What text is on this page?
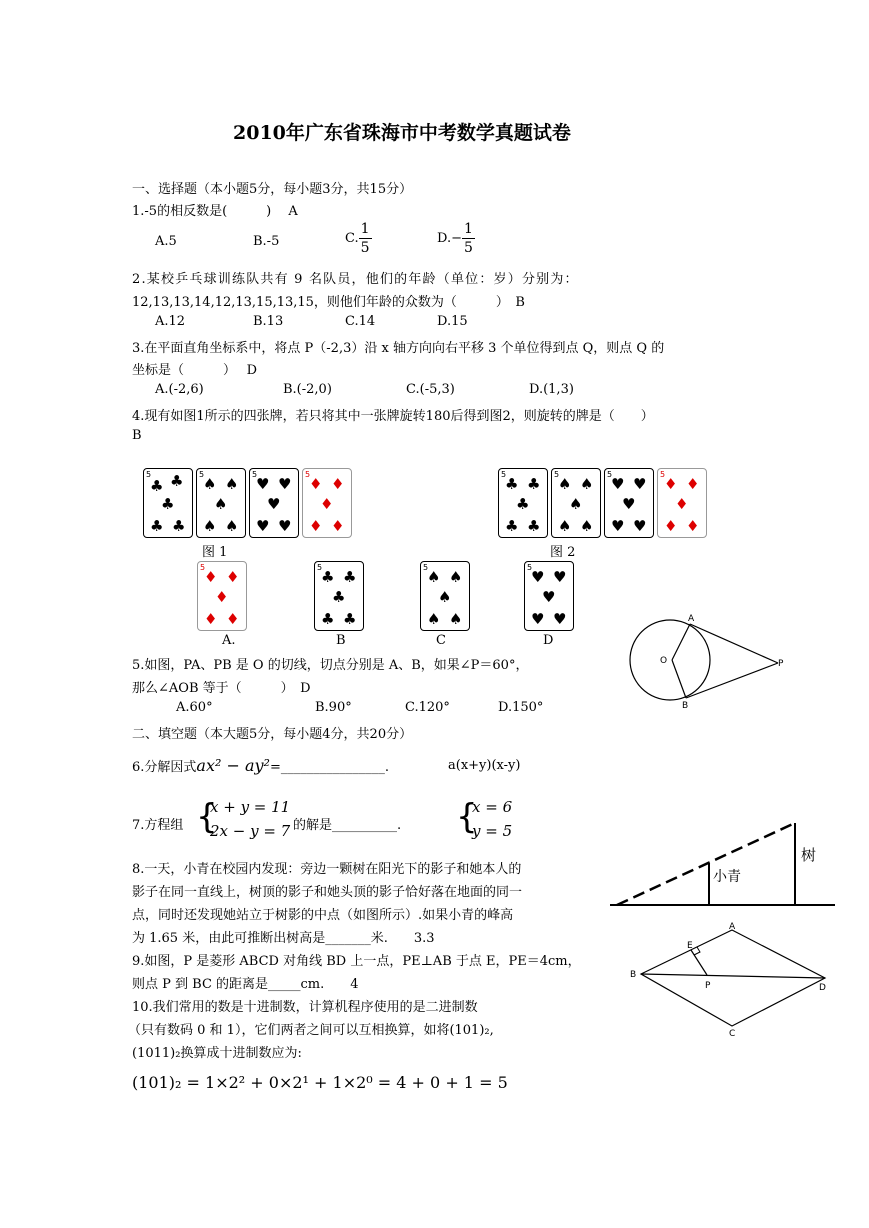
2010年广东省珠海市中考数学真题试卷
一、选择题（本小题5分，每小题3分，共15分）
1.-5的相反数是(　　　)　 A
A.5	B.-5	C. $\frac{1}{5}$	$D.- \frac{1}{5}$
2.某校乒乓球训练队共有 9 名队员，他们的年龄（单位：岁）分别为：
12,13,13,14,12,13,15,13,15，则他们年龄的众数为（　　　）　B
A.12	B.13	C.14	D.15
3.在平面直角坐标系中，将点 P（-2,3）沿 x 轴方向向右平移 3 个单位得到点 Q，则点 Q 的
坐标是（　　　）　 D
A.(-2,6)	B.(-2,0)	C.(-5,3)	D.(1,3)
4.现有如图1所示的四张牌，若只将其中一张牌旋转180后得到图2，则旋转的牌是（　　）
B
5
♣ ♣
♣
♣ ♣
5
♠ ♠
♠
♠ ♠
5
♥ ♥
♥
♥ ♥
5
♦ ♦
♦
♦ ♦
图 1
5
♣ ♣
♣
♣ ♣
5
♠ ♠
♠
♠ ♠
5
♥ ♥
♥
♥ ♥
5
♦ ♦
♦
♦ ♦
图 2
5
♦ ♦
♦
♦ ♦
5
♣ ♣
♣
♣ ♣
5
♠ ♠
♠
♠ ♠
5
♥ ♥
♥
♥ ♥
A.	B	C	D
A
B
O	P
5.如图，PA、PB 是 O 的切线，切点分别是 A、B，如果∠P＝60°，
那么∠AOB 等于（　　　）　D
A.60°	B.90°	C.120°	D.150°
二、填空题（本大题5分，每小题4分，共20分）
6.分解因式ax² − ay²=________________.	a(x+y)(x-y)
7.方程组 {
x + y = 11
2x − y = 7 的解是__________. {
x = 6
y = 5
小青
树
8.一天，小青在校园内发现：旁边一颗树在阳光下的影子和她本人的
影子在同一直线上，树顶的影子和她头顶的影子恰好落在地面的同一
点，同时还发现她站立于树影的中点（如图所示）.如果小青的峰高
为 1.65 米，由此可推断出树高是_______米.　　3.3
A
B
C
D
E
P
9.如图，P 是菱形 ABCD 对角线 BD 上一点，PE⊥AB 于点 E，PE＝4cm，
则点 P 到 BC 的距离是_____cm.　　4
10.我们常用的数是十进制数，计算机程序使用的是二进制数
（只有数码 0 和 1），它们两者之间可以互相换算，如将(101)₂,
(1011)₂换算成十进制数应为:
(101)₂ = 1×2² + 0×2¹ + 1×2⁰ = 4 + 0 + 1 = 5
